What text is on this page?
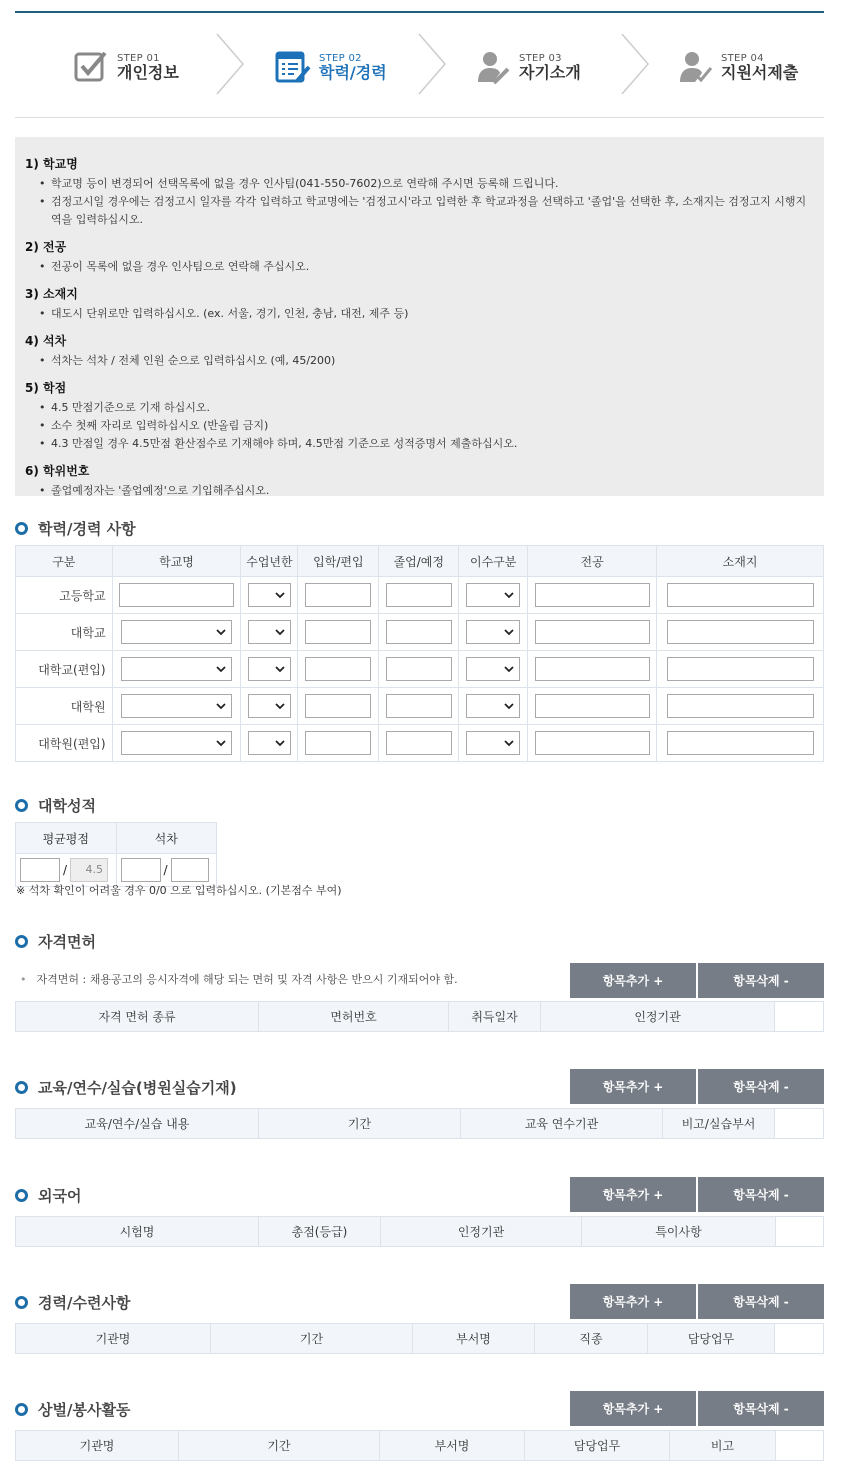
STEP 01
개인정보
STEP 02
학력/경력
STEP 03
자기소개
STEP 04
지원서제출
1) 학교명
• 학교명 등이 변경되어 선택목록에 없을 경우 인사팀(041-550-7602)으로 연락해 주시면 등록해 드립니다.
• 검정고시일 경우에는 검정고시 일자를 각각 입력하고 학교명에는 '검정고시'라고 입력한 후 학교과정을 선택하고 '졸업'을 선택한 후, 소재지는 검정고지 시행지역을 입력하십시오.
2) 전공
• 전공이 목록에 없을 경우 인사팀으로 연락해 주십시오.
3) 소재지
• 대도시 단위로만 입력하십시오. (ex. 서울, 경기, 인천, 충남, 대전, 제주 등)
4) 석차
• 석차는 석차 / 전체 인원 순으로 입력하십시오 (예, 45/200)
5) 학점
• 4.5 만점기준으로 기재 하십시오.
• 소수 첫째 자리로 입력하십시오 (반올림 금지)
• 4.3 만점일 경우 4.5만점 환산점수로 기재해야 하며, 4.5만점 기준으로 성적증명서 제출하십시오.
6) 학위번호
• 졸업예정자는 '졸업예정'으로 기입해주십시오.
학력/경력 사항
구분	학교명	수업년한	입학/편입	졸업/예정	이수구분	전공	소재지
고등학교		

대학교	

대학교(편입)	

대학원	

대학원(편입)	

대학성적
평균평점	석차
/ 4.5	/
※ 석차 확인이 어려울 경우 0/0 으로 입력하십시오. (기본점수 부여)
자격면허
• 자격면허 : 채용공고의 응시자격에 해당 되는 면허 및 자격 사항은 반으시 기재되어야 함.	항목추가 +	항목삭제 -
자격 면허 종류	면허번호	취득일자	인정기관
교육/연수/실습(병원실습기재)	항목추가 +	항목삭제 -
교육/연수/실습 내용	기간	교육 연수기관	비고/실습부서
외국어	항목추가 +	항목삭제 -
시험명	총점(등급)	인정기관	특이사항
경력/수련사항	항목추가 +	항목삭제 -
기관명	기간	부서명	직종	담당업무
상벌/봉사활동	항목추가 +	항목삭제 -
기관명	기간	부서명	담당업무	비고
